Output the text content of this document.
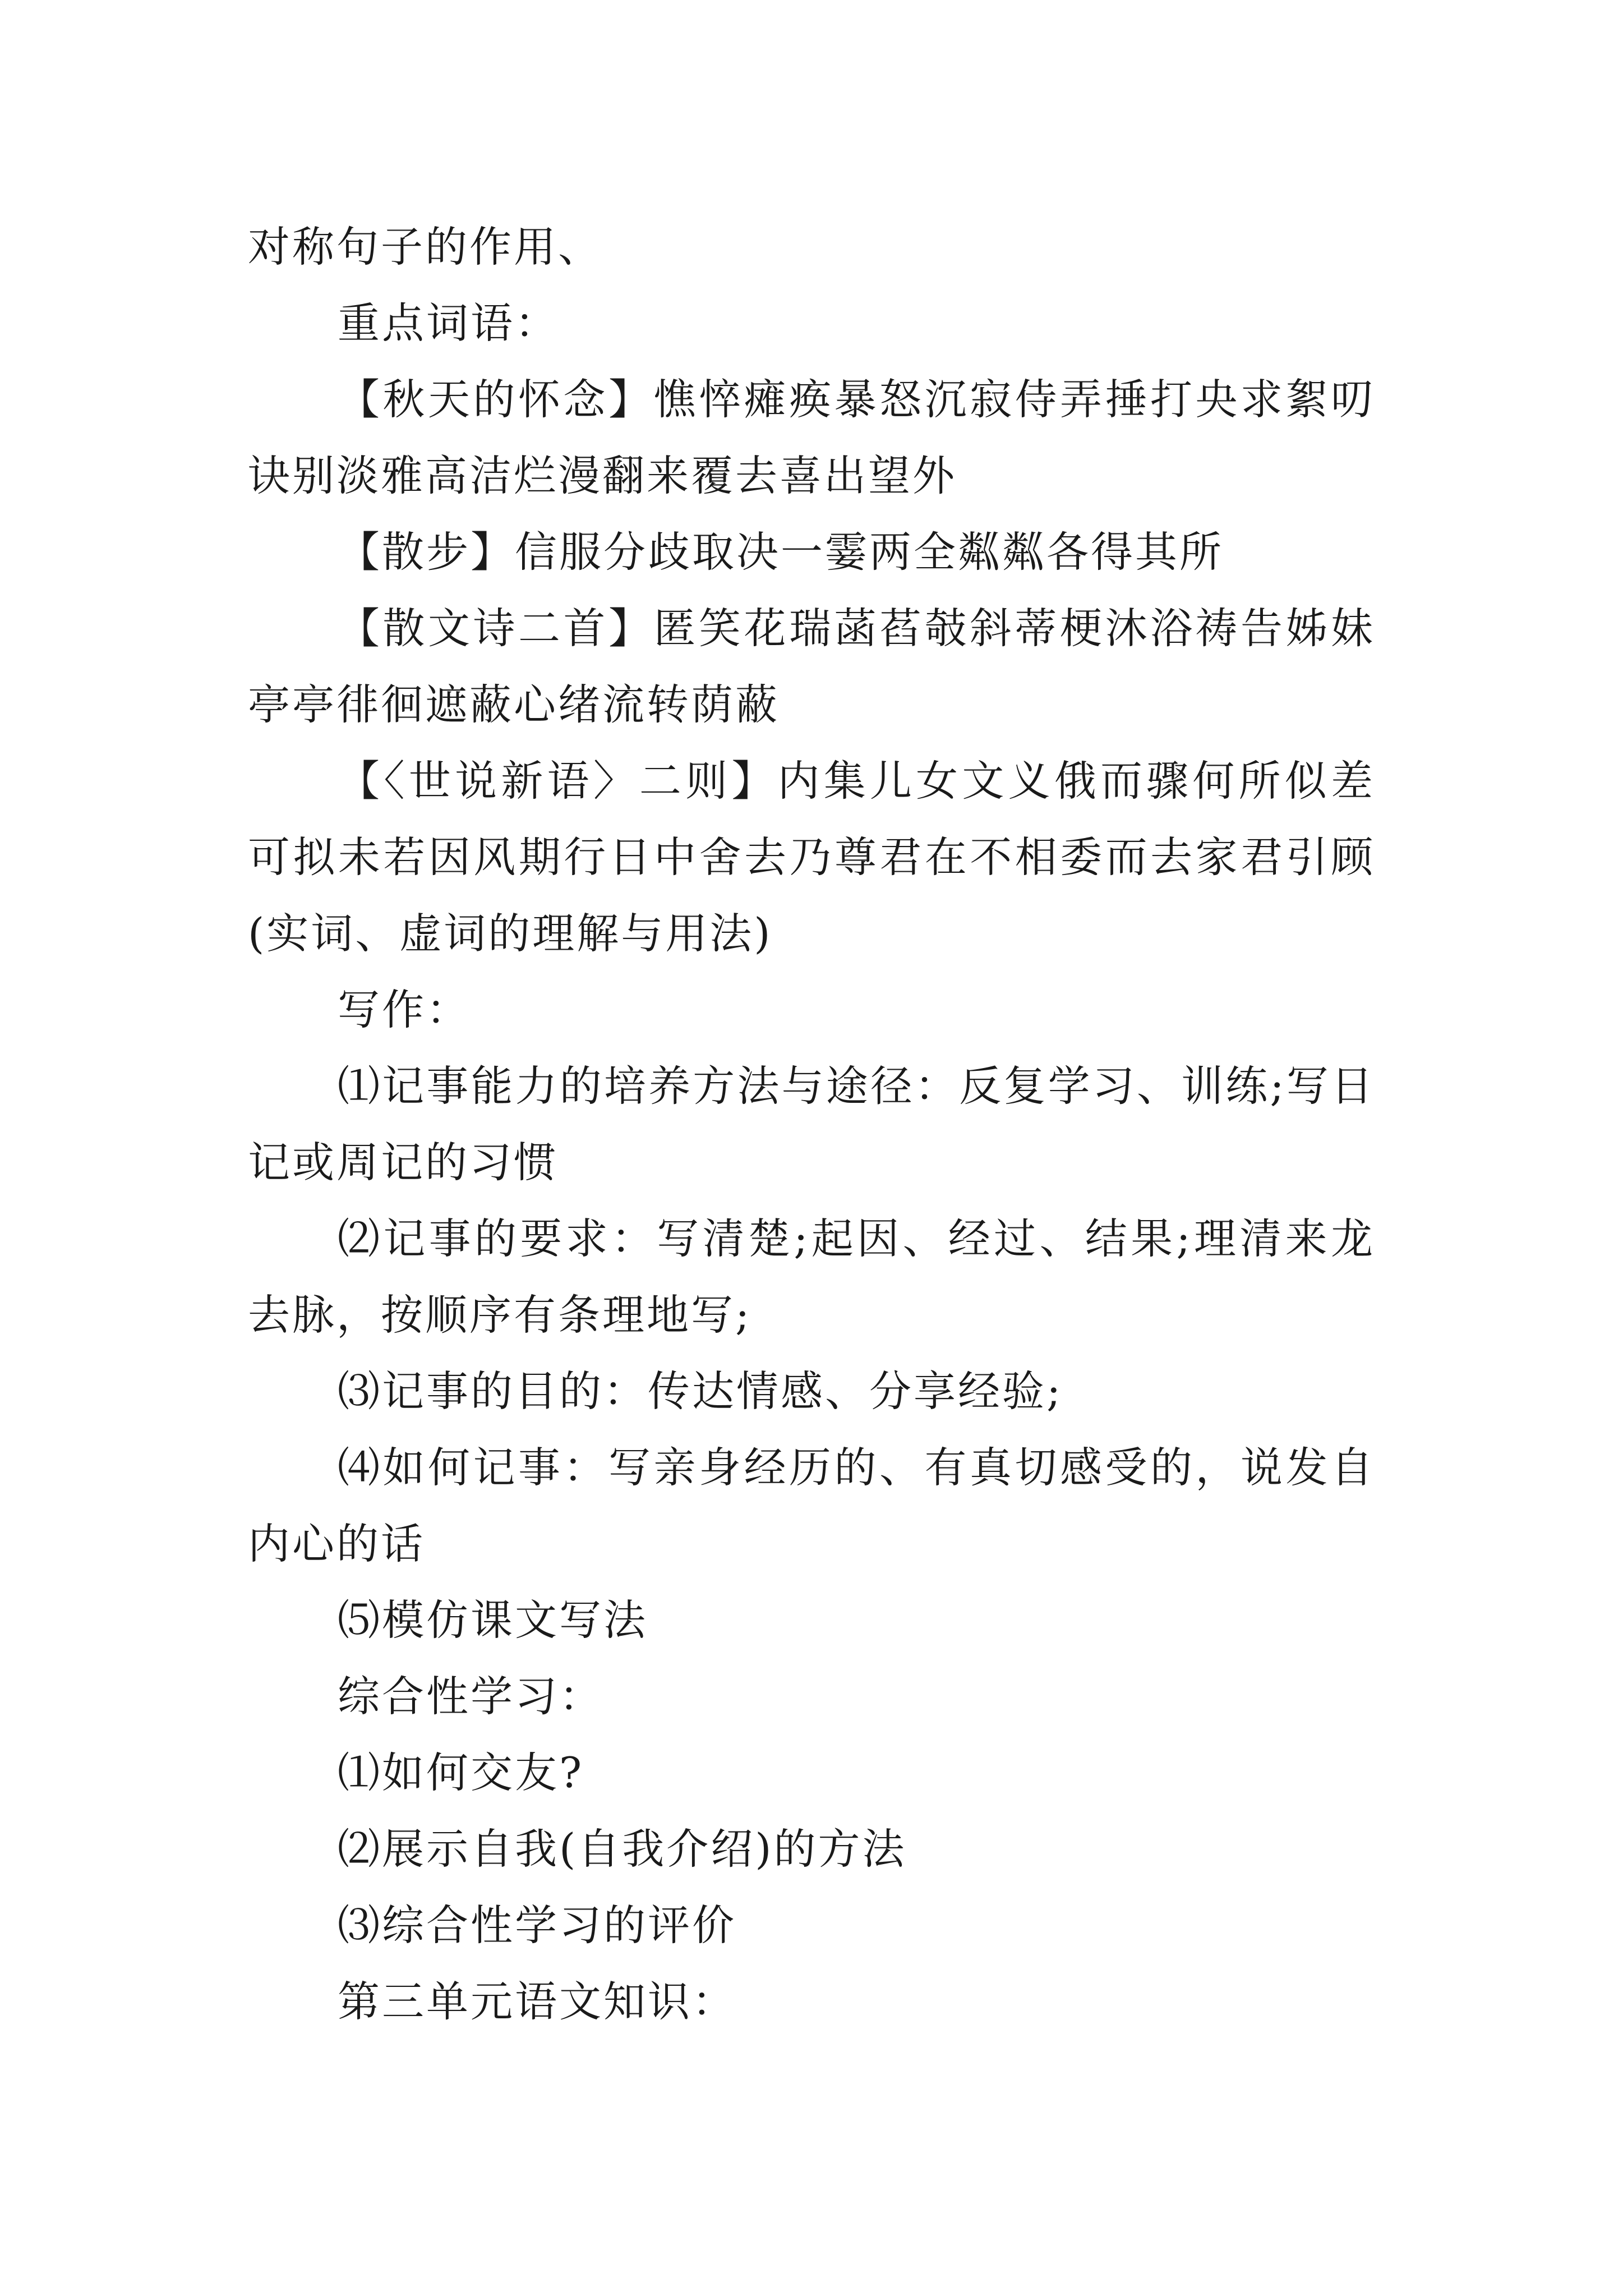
对称句子的作用、

重点词语：

【秋天的怀念】憔悴瘫痪暴怒沉寂侍弄捶打央求絮叨诀别淡雅高洁烂漫翻来覆去喜出望外

【散步】信服分歧取决一霎两全粼粼各得其所

【散文诗二首】匿笑花瑞菡萏攲斜蒂梗沐浴祷告姊妹亭亭徘徊遮蔽心绪流转荫蔽

【〈世说新语〉二则】内集儿女文义俄而骤何所似差可拟未若因风期行日中舍去乃尊君在不相委而去家君引顾(实词、虚词的理解与用法)

写作：

⑴记事能力的培养方法与途径：反复学习、训练;写日记或周记的习惯

⑵记事的要求：写清楚;起因、经过、结果;理清来龙去脉，按顺序有条理地写;

⑶记事的目的：传达情感、分享经验;

⑷如何记事：写亲身经历的、有真切感受的，说发自内心的话

⑸模仿课文写法

综合性学习：

⑴如何交友?

⑵展示自我(自我介绍)的方法

⑶综合性学习的评价

第三单元语文知识：
